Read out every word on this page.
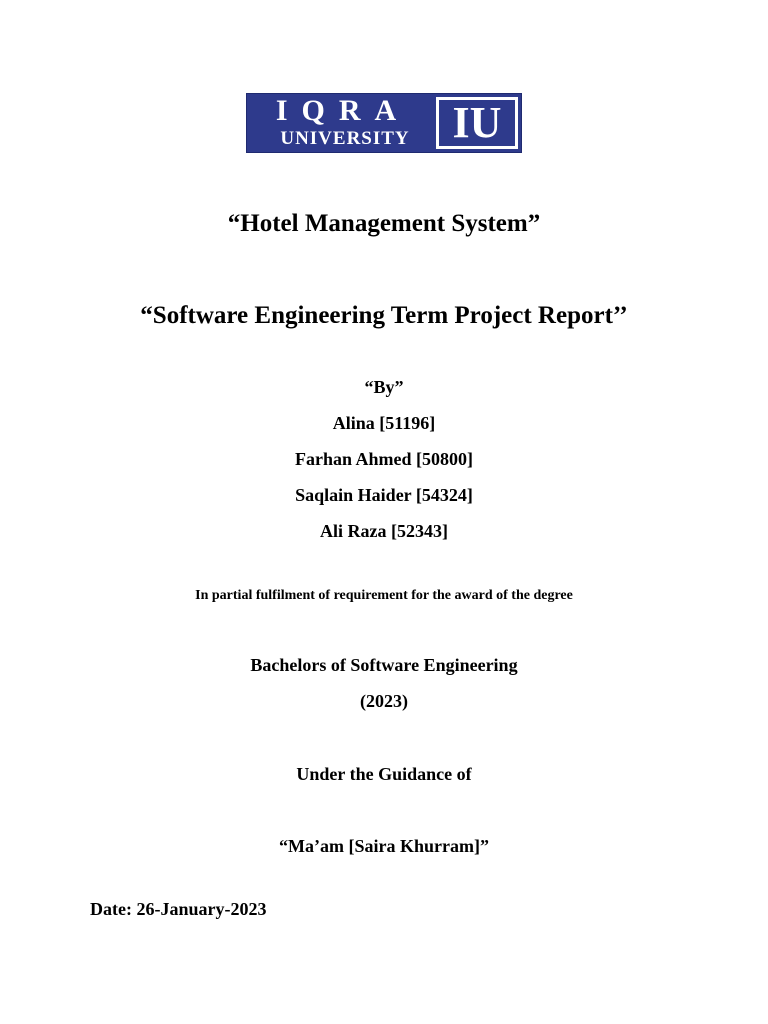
IQRA
UNIVERSITY IU
“Hotel Management System”
“Software Engineering Term Project Report’’
“By”
Alina [51196]
Farhan Ahmed [50800]
Saqlain Haider [54324]
Ali Raza [52343]
In partial fulfilment of requirement for the award of the degree
Bachelors of Software Engineering
(2023)
Under the Guidance of
“Ma’am [Saira Khurram]”
Date: 26-January-2023
